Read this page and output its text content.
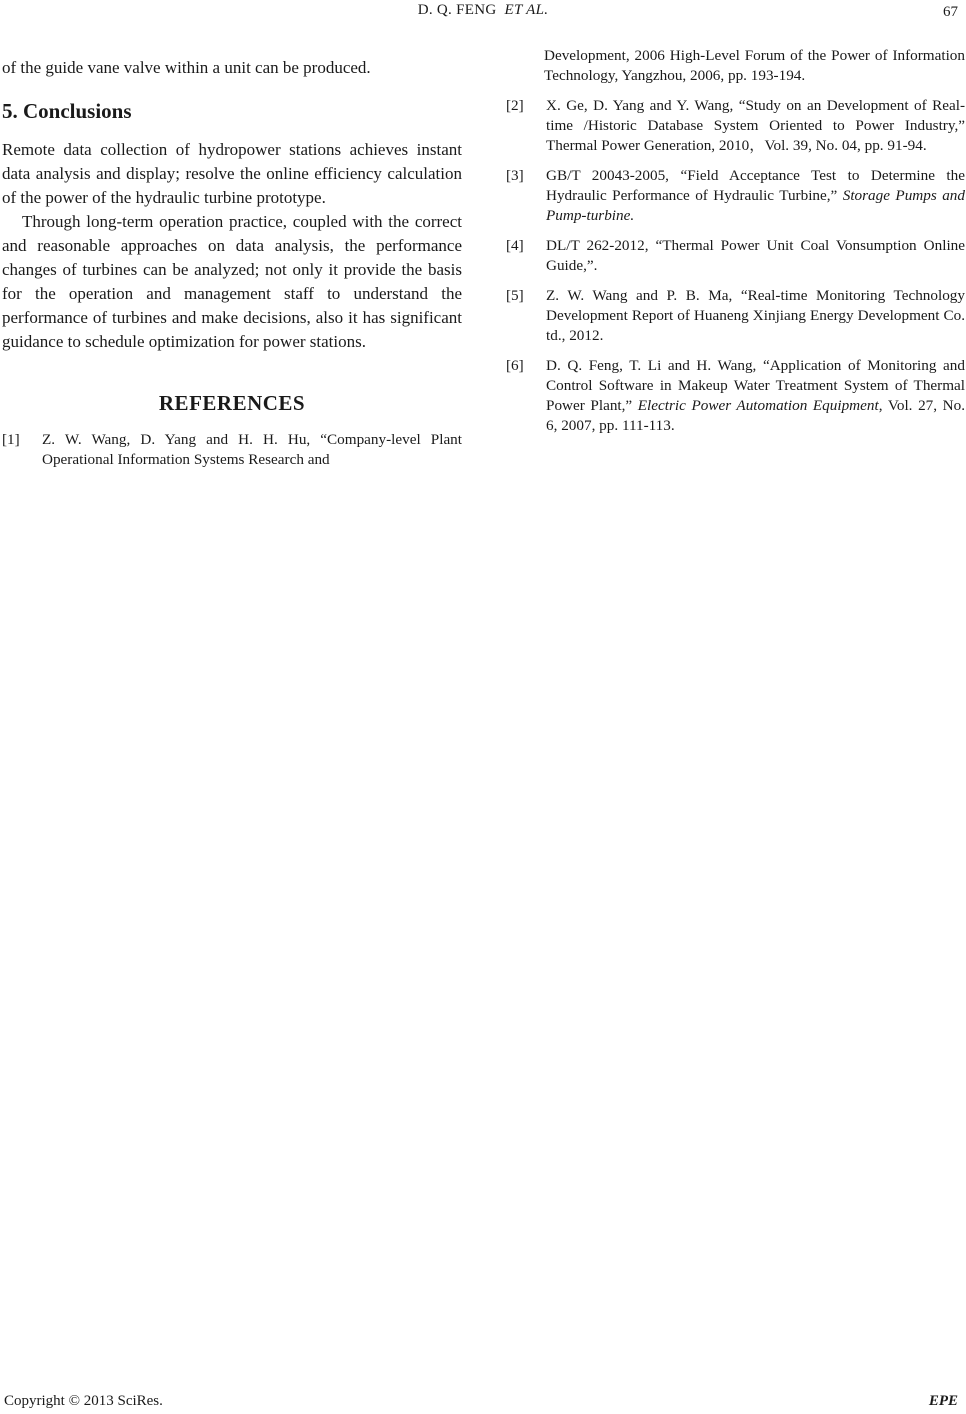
D. Q. FENG ET AL.	67

of the guide vane valve within a unit can be produced.

5. Conclusions

Remote data collection of hydropower stations achieves instant data analysis and display; resolve the online efficiency calculation of the power of the hydraulic turbine prototype.

Through long-term operation practice, coupled with the correct and reasonable approaches on data analysis, the performance changes of turbines can be analyzed; not only it provide the basis for the operation and management staff to understand the performance of turbines and make decisions, also it has significant guidance to schedule optimization for power stations.

REFERENCES
[1]	Z. W. Wang, D. Yang and H. H. Hu, “Company-level Plant Operational Information Systems Research and
Development, 2006 High-Level Forum of the Power of Information Technology, Yangzhou, 2006, pp. 193-194.
[2]	X. Ge, D. Yang and Y. Wang, “Study on an Development of Real-time /Historic Database System Oriented to Power Industry,” Thermal Power Generation, 2010，Vol. 39, No. 04, pp. 91-94.
[3]	GB/T 20043-2005, “Field Acceptance Test to Determine the Hydraulic Performance of Hydraulic Turbine,” Storage Pumps and Pump-turbine.
[4]	DL/T 262-2012, “Thermal Power Unit Coal Vonsumption Online Guide,”.
[5]	Z. W. Wang and P. B. Ma, “Real-time Monitoring Technology Development Report of Huaneng Xinjiang Energy Development Co. td., 2012.
[6]	D. Q. Feng, T. Li and H. Wang, “Application of Monitoring and Control Software in Makeup Water Treatment System of Thermal Power Plant,” Electric Power Automation Equipment, Vol. 27, No. 6, 2007, pp. 111-113.
Copyright © 2013 SciRes.	EPE
